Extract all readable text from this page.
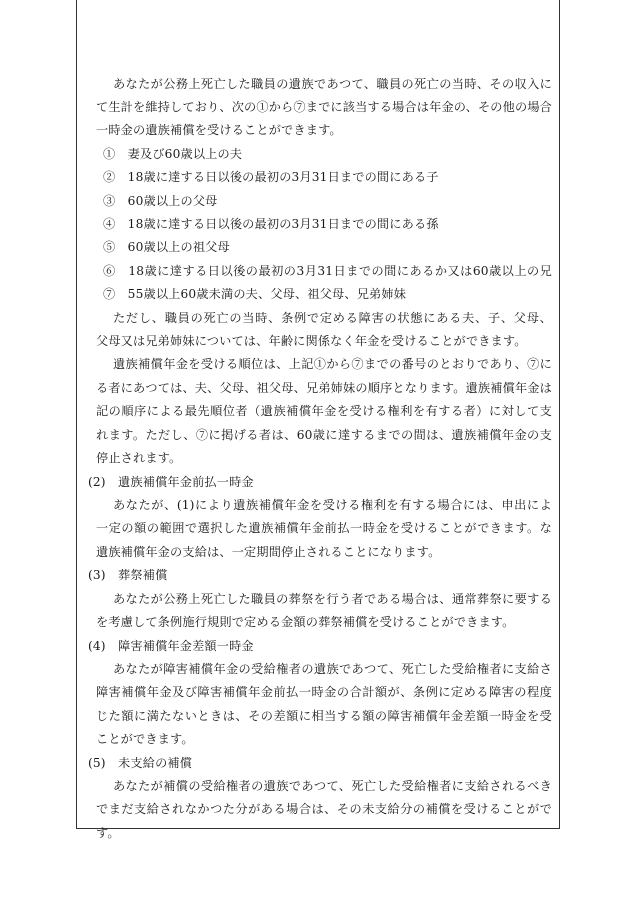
あなたが公務上死亡した職員の遺族であつて、職員の死亡の当時、その収入に
て生計を維持しており、次の①から⑦までに該当する場合は年金の、その他の場合
一時金の遺族補償を受けることができます。
①　妻及び60歳以上の夫
②　18歳に達する日以後の最初の3月31日までの間にある子
③　60歳以上の父母
④　18歳に達する日以後の最初の3月31日までの間にある孫
⑤　60歳以上の祖父母
⑥　18歳に達する日以後の最初の3月31日までの間にあるか又は60歳以上の兄
⑦　55歳以上60歳未満の夫、父母、祖父母、兄弟姉妹
ただし、職員の死亡の当時、条例で定める障害の状態にある夫、子、父母、
父母又は兄弟姉妹については、年齢に関係なく年金を受けることができます。
遺族補償年金を受ける順位は、上記①から⑦までの番号のとおりであり、⑦に
る者にあつては、夫、父母、祖父母、兄弟姉妹の順序となります。遺族補償年金は
記の順序による最先順位者（遺族補償年金を受ける権利を有する者）に対して支
れます。ただし、⑦に掲げる者は、60歳に達するまでの間は、遺族補償年金の支
停止されます。
(2)　遺族補償年金前払一時金
あなたが、(1)により遺族補償年金を受ける権利を有する場合には、申出によ
一定の額の範囲で選択した遺族補償年金前払一時金を受けることができます。な
遺族補償年金の支給は、一定期間停止されることになります。
(3)　葬祭補償
あなたが公務上死亡した職員の葬祭を行う者である場合は、通常葬祭に要する
を考慮して条例施行規則で定める金額の葬祭補償を受けることができます。
(4)　障害補償年金差額一時金
あなたが障害補償年金の受給権者の遺族であつて、死亡した受給権者に支給さ
障害補償年金及び障害補償年金前払一時金の合計額が、条例に定める障害の程度
じた額に満たないときは、その差額に相当する額の障害補償年金差額一時金を受
ことができます。
(5)　未支給の補償
あなたが補償の受給権者の遺族であつて、死亡した受給権者に支給されるべき
でまだ支給されなかつた分がある場合は、その未支給分の補償を受けることがで
す。
